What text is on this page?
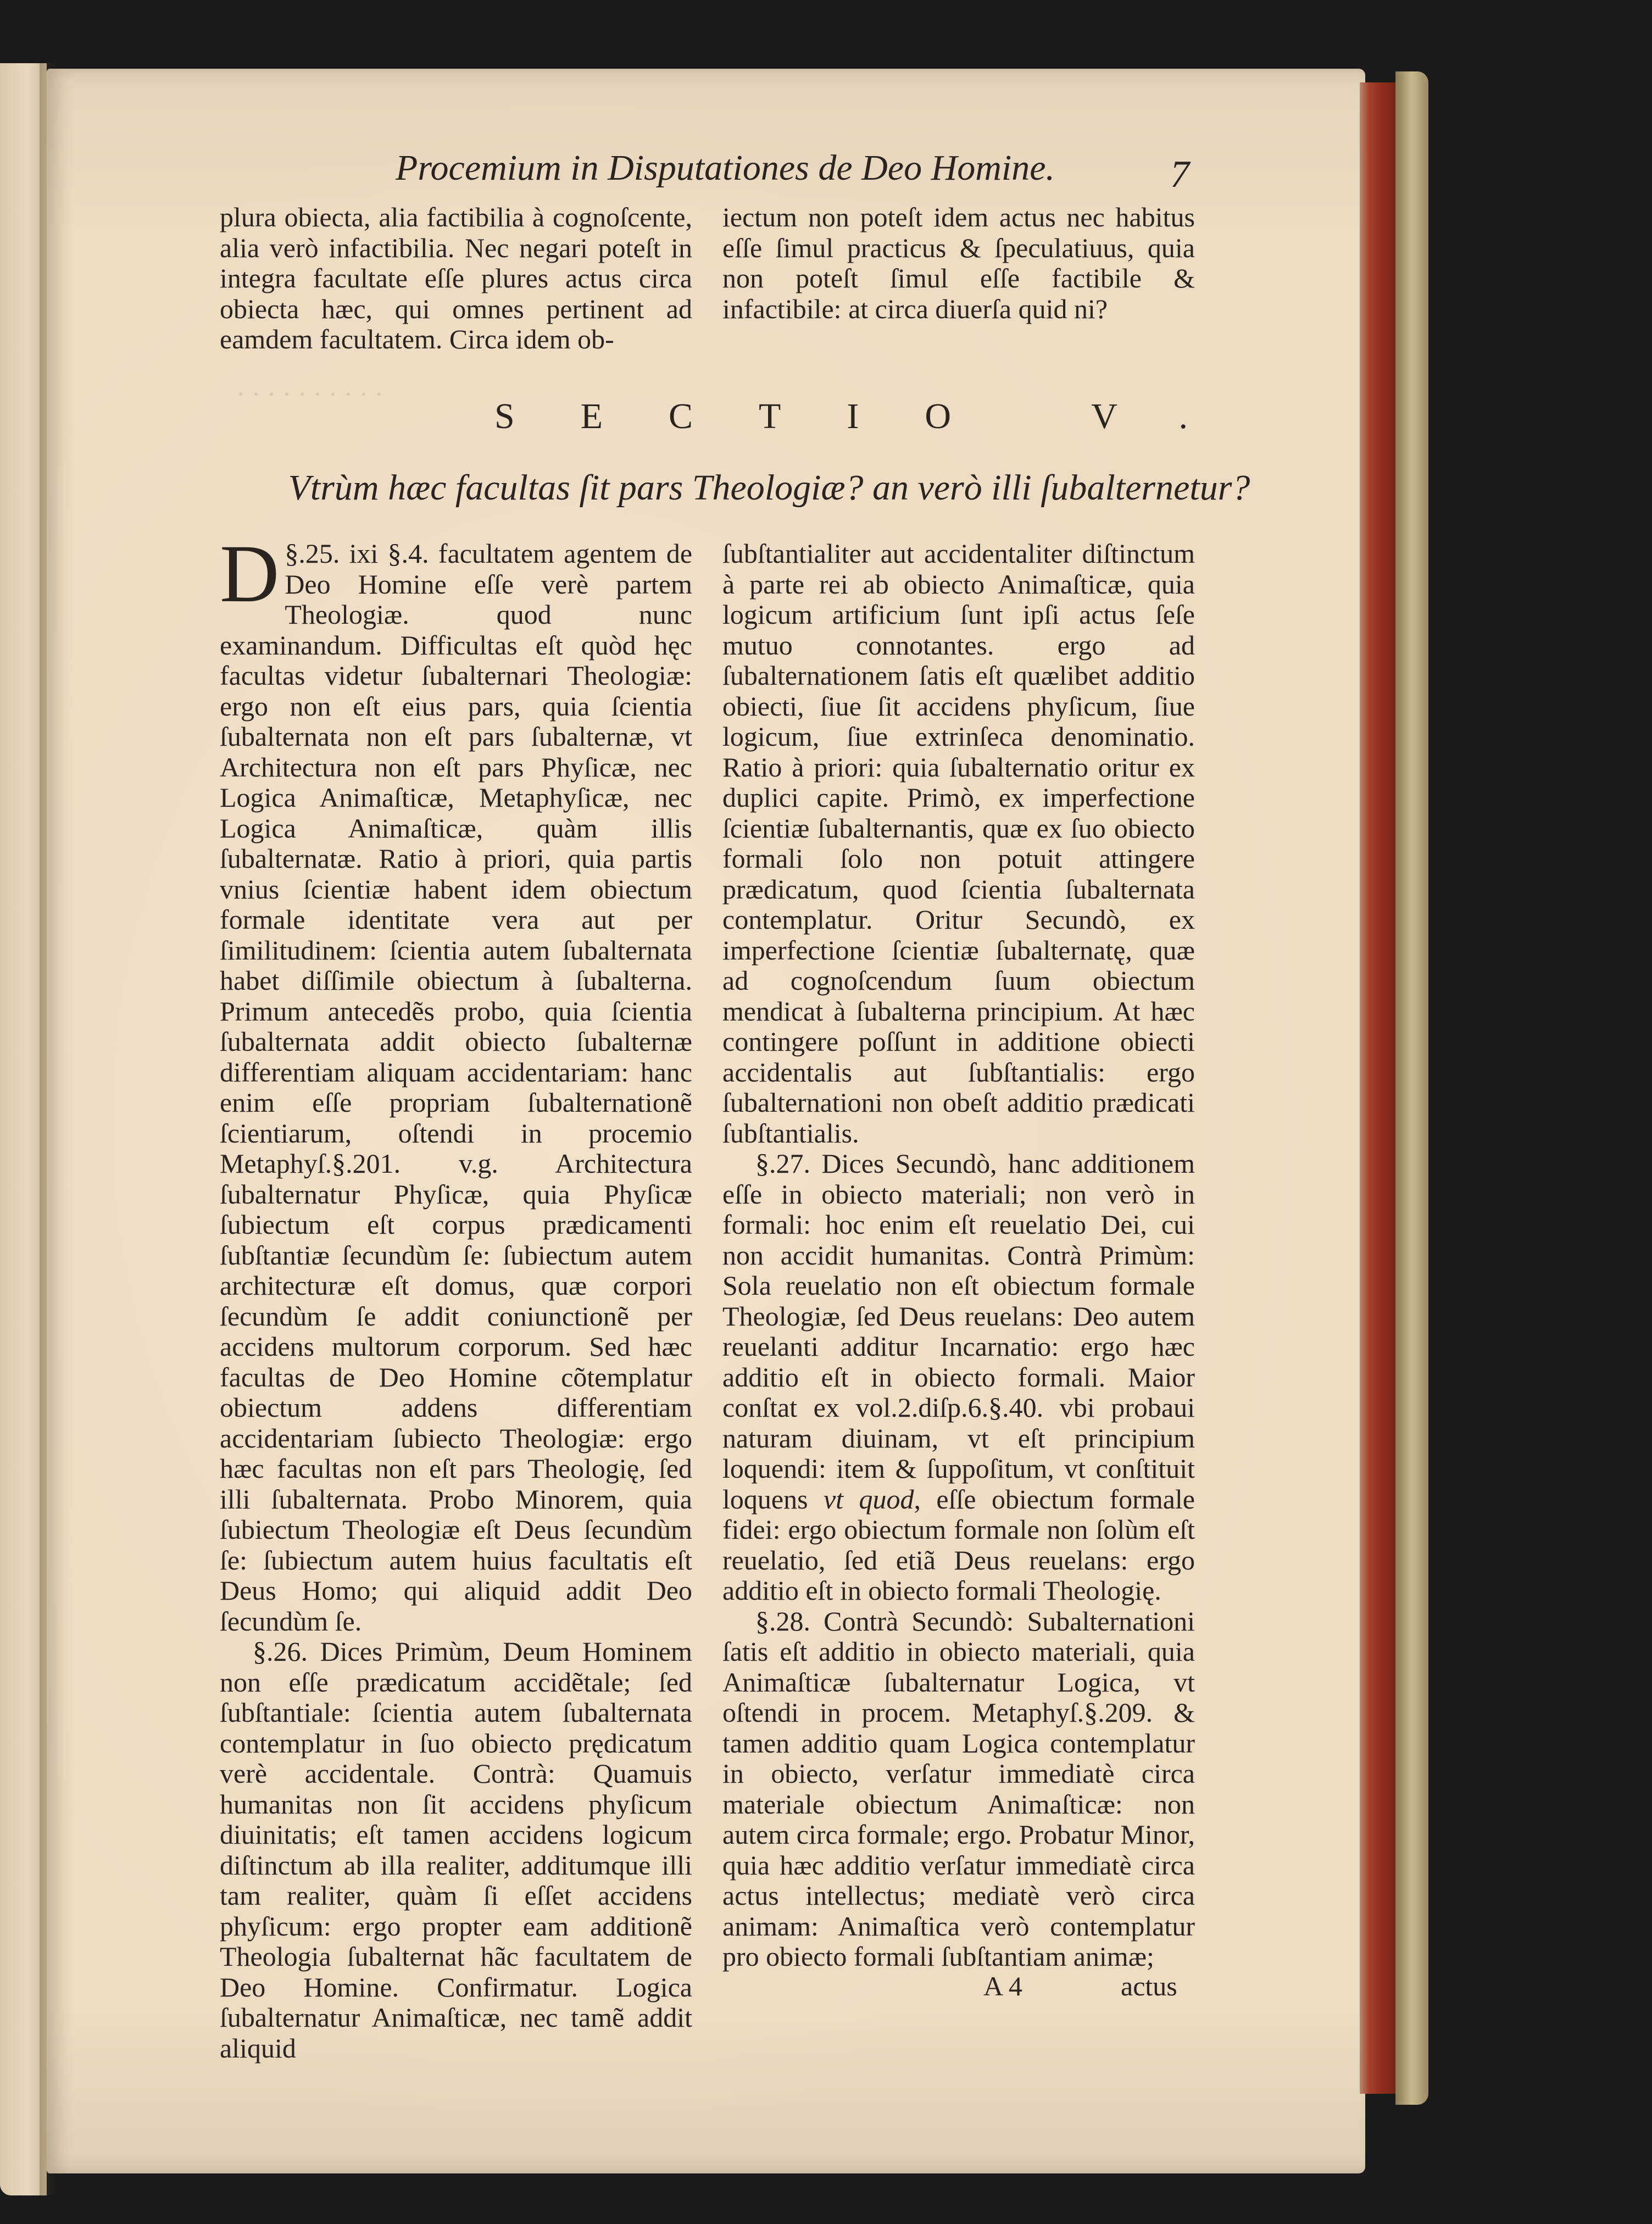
Procemium in Disputationes de Deo Homine.	7

plura obiecta, alia factibilia à cognoſcente, alia verò infactibilia. Nec negari poteſt in integra facultate eſſe plures actus circa obiecta hæc, qui omnes pertinent ad eamdem facultatem. Circa idem ob-

iectum non poteſt idem actus nec habitus eſſe ſimul practicus & ſpeculatiuus, quia non poteſt ſimul eſſe factibile & infactibile: at circa diuerſa quid ni?

SECTIO V.
Vtrùm hæc facultas ſit pars Theologiæ? an verò illi ſubalternetur?

§.25.
D	ixi §.4. facultatem agentem de Deo Homine eſſe verè partem Theologiæ. quod nunc examinandum. Difficultas eſt quòd hęc facultas videtur ſubalternari Theologiæ: ergo non eſt eius pars, quia ſcientia ſubalternata non eſt pars ſubalternæ, vt Architectura non eſt pars Phyſicæ, nec Logica Animaſticæ, Metaphyſicæ, nec Logica Animaſticæ, quàm illis ſubalternatæ. Ratio à priori, quia partis vnius ſcientiæ habent idem obiectum formale identitate vera aut per ſimilitudinem: ſcientia autem ſubalternata habet diſſimile obiectum à ſubalterna. Primum antecedẽs probo, quia ſcientia ſubalternata addit obiecto ſubalternæ differentiam aliquam accidentariam: hanc enim eſſe propriam ſubalternationẽ ſcientiarum, oſtendi in procemio Metaphyſ.§.201. v.g. Architectura ſubalternatur Phyſicæ, quia Phyſicæ ſubiectum eſt corpus prædicamenti ſubſtantiæ ſecundùm ſe: ſubiectum autem architecturæ eſt domus, quæ corpori ſecundùm ſe addit coniunctionẽ per accidens multorum corporum. Sed hæc facultas de Deo Homine cõtemplatur obiectum addens differentiam accidentariam ſubiecto Theologiæ: ergo hæc facultas non eſt pars Theologię, ſed illi ſubalternata. Probo Minorem, quia ſubiectum Theologiæ eſt Deus ſecundùm ſe: ſubiectum autem huius facultatis eſt Deus Homo; qui aliquid addit Deo ſecundùm ſe.

§.26. Dices Primùm, Deum Hominem non eſſe prædicatum accidẽtale; ſed ſubſtantiale: ſcientia autem ſubalternata contemplatur in ſuo obiecto prędicatum verè accidentale. Contrà: Quamuis humanitas non ſit accidens phyſicum diuinitatis; eſt tamen accidens logicum diſtinctum ab illa realiter, additumque illi tam realiter, quàm ſi eſſet accidens phyſicum: ergo propter eam additionẽ Theologia ſubalternat hãc facultatem de Deo Homine. Confirmatur. Logica ſubalternatur Animaſticæ, nec tamẽ addit aliquid

ſubſtantialiter aut accidentaliter diſtinctum à parte rei ab obiecto Animaſticæ, quia logicum artificium ſunt ipſi actus ſeſe mutuo connotantes. ergo ad ſubalternationem ſatis eſt quælibet additio obiecti, ſiue ſit accidens phyſicum, ſiue logicum, ſiue extrinſeca denominatio. Ratio à priori: quia ſubalternatio oritur ex duplici capite. Primò, ex imperfectione ſcientiæ ſubalternantis, quæ ex ſuo obiecto formali ſolo non potuit attingere prædicatum, quod ſcientia ſubalternata contemplatur. Oritur Secundò, ex imperfectione ſcientiæ ſubalternatę, quæ ad cognoſcendum ſuum obiectum mendicat à ſubalterna principium. At hæc contingere poſſunt in additione obiecti accidentalis aut ſubſtantialis: ergo ſubalternationi non obeſt additio prædicati ſubſtantialis.

§.27. Dices Secundò, hanc additionem eſſe in obiecto materiali; non verò in formali: hoc enim eſt reuelatio Dei, cui non accidit humanitas. Contrà Primùm: Sola reuelatio non eſt obiectum formale Theologiæ, ſed Deus reuelans: Deo autem reuelanti additur Incarnatio: ergo hæc additio eſt in obiecto formali. Maior conſtat ex vol.2.diſp.6.§.40. vbi probaui naturam diuinam, vt eſt principium loquendi: item & ſuppoſitum, vt conſtituit loquens vt quod, eſſe obiectum formale fidei: ergo obiectum formale non ſolùm eſt reuelatio, ſed etiã Deus reuelans: ergo additio eſt in obiecto formali Theologię.

§.28. Contrà Secundò: Subalternationi ſatis eſt additio in obiecto materiali, quia Animaſticæ ſubalternatur Logica, vt oſtendi in procem. Metaphyſ.§.209. & tamen additio quam Logica contemplatur in obiecto, verſatur immediatè circa materiale obiectum Animaſticæ: non autem circa formale; ergo. Probatur Minor, quia hæc additio verſatur immediatè circa actus intellectus; mediatè verò circa animam: Animaſtica verò contemplatur pro obiecto formali ſubſtantiam animæ;

A 4	actus
